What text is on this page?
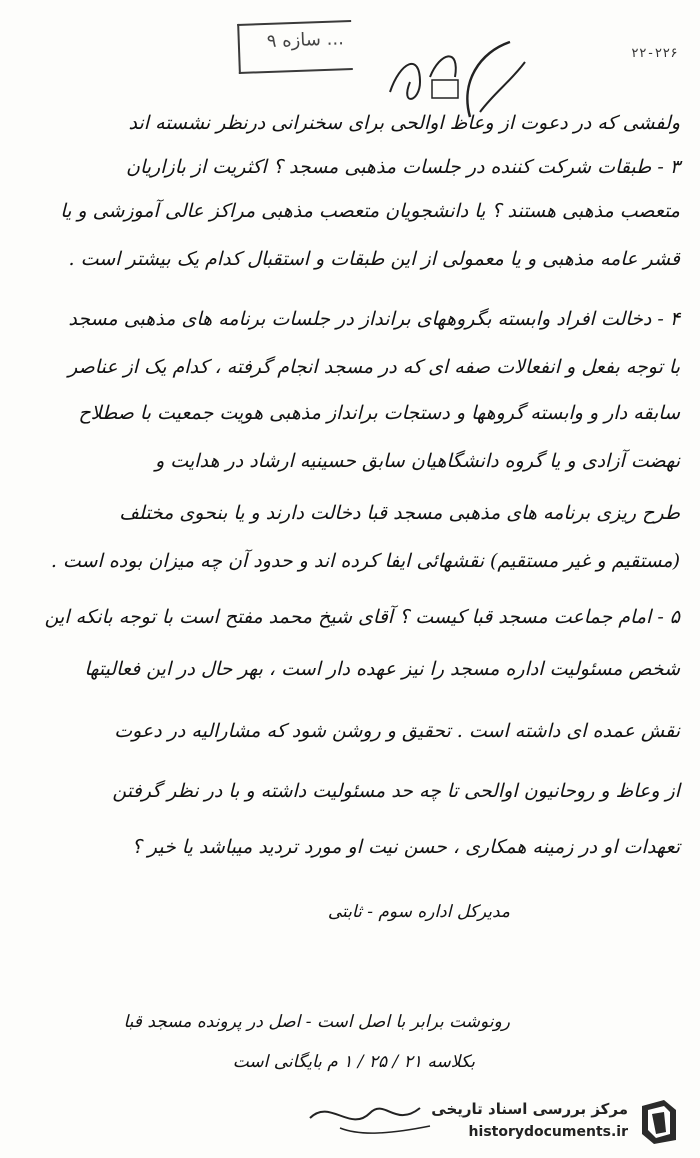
... سازه ۹
۲۲-۲۲۶
ولفشی که در دعوت از وعاظ اوالحی برای سخنرانی درنظر نشسته اند
۳ - طبقات شرکت کننده در جلسات مذهبی مسجد ؟ اکثریت از بازاریان
متعصب مذهبی هستند ؟ یا دانشجویان متعصب مذهبی مراکز عالی آموزشی و یا
قشر عامه مذهبی و یا معمولی از این طبقات و استقبال کدام یک بیشتر است .
۴ - دخالت افراد وابسته بگروههای برانداز در جلسات برنامه های مذهبی مسجد
با توجه بفعل و انفعالات صفه ای که در مسجد انجام گرفته ، کدام یک از عناصر
سابقه دار و وابسته گروهها و دستجات برانداز مذهبی هویت جمعیت با صطلاح
نهضت آزادی و یا گروه دانشگاهیان سابق حسینیه ارشاد در هدایت و
طرح ریزی برنامه های مذهبی مسجد قبا دخالت دارند و یا بنحوی مختلف
(مستقیم و غیر مستقیم) نقشهائی ایفا کرده اند و حدود آن چه میزان بوده است .
۵ - امام جماعت مسجد قبا کیست ؟ آقای شیخ محمد مفتح است با توجه بانکه این
شخص مسئولیت اداره مسجد را نیز عهده دار است ، بهر حال در این فعالیتها
نقش عمده ای داشته است . تحقیق و روشن شود که مشارالیه در دعوت
از وعاظ و روحانیون اوالحی تا چه حد مسئولیت داشته و با در نظر گرفتن
تعهدات او در زمینه همکاری ، حسن نیت او مورد تردید میباشد یا خیر ؟
مدیرکل اداره سوم - ثابتی
رونوشت برابر با اصل است - اصل در پرونده مسجد قبا
بکلاسه ۲۱ / ۲۵ / ۱ م بایگانی است
مرکز بررسی اسناد تاریخی
historydocuments.ir
